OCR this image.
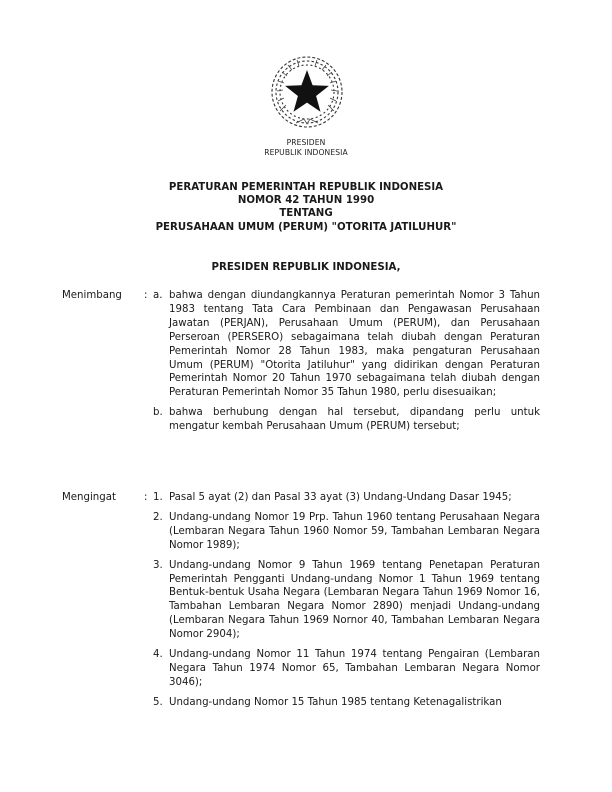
PRESIDEN
REPUBLIK INDONESIA
PERATURAN PEMERINTAH REPUBLIK INDONESIA
NOMOR 42 TAHUN 1990
TENTANG
PERUSAHAAN UMUM (PERUM) "OTORITA JATILUHUR"
PRESIDEN REPUBLIK INDONESIA,
Menimbang : a. bahwa dengan diundangkannya Peraturan pemerintah Nomor 3 Tahun 1983 tentang Tata Cara Pembinaan dan Pengawasan Perusahaan Jawatan (PERJAN), Perusahaan Umum (PERUM), dan Perusahaan Perseroan (PERSERO) sebagaimana telah diubah dengan Peraturan Pemerintah Nomor 28 Tahun 1983, maka pengaturan Perusahaan Umum (PERUM) "Otorita Jatiluhur" yang didirikan dengan Peraturan Pemerintah Nomor 20 Tahun 1970 sebagaimana telah diubah dengan Peraturan Pemerintah Nomor 35 Tahun 1980, perlu disesuaikan;
b. bahwa berhubung dengan hal tersebut, dipandang perlu untuk mengatur kembah Perusahaan Umum (PERUM) tersebut;
Mengingat	: 1. Pasal 5 ayat (2) dan Pasal 33 ayat (3) Undang-Undang Dasar 1945;
2. Undang-undang Nomor 19 Prp. Tahun 1960 tentang Perusahaan Negara (Lembaran Negara Tahun 1960 Nomor 59, Tambahan Lembaran Negara Nomor 1989);
3. Undang-undang Nomor 9 Tahun 1969 tentang Penetapan Peraturan Pemerintah Pengganti Undang-undang Nomor 1 Tahun 1969 tentang Bentuk-bentuk Usaha Negara (Lembaran Negara Tahun 1969 Nomor 16, Tambahan Lembaran Negara Nomor 2890) menjadi Undang-undang (Lembaran Negara Tahun 1969 Nornor 40, Tambahan Lembaran Negara Nomor 2904);
4. Undang-undang Nomor 11 Tahun 1974 tentang Pengairan (Lembaran Negara Tahun 1974 Nomor 65, Tambahan Lembaran Negara Nomor 3046);
5. Undang-undang Nomor 15 Tahun 1985 tentang Ketenagalistrikan
